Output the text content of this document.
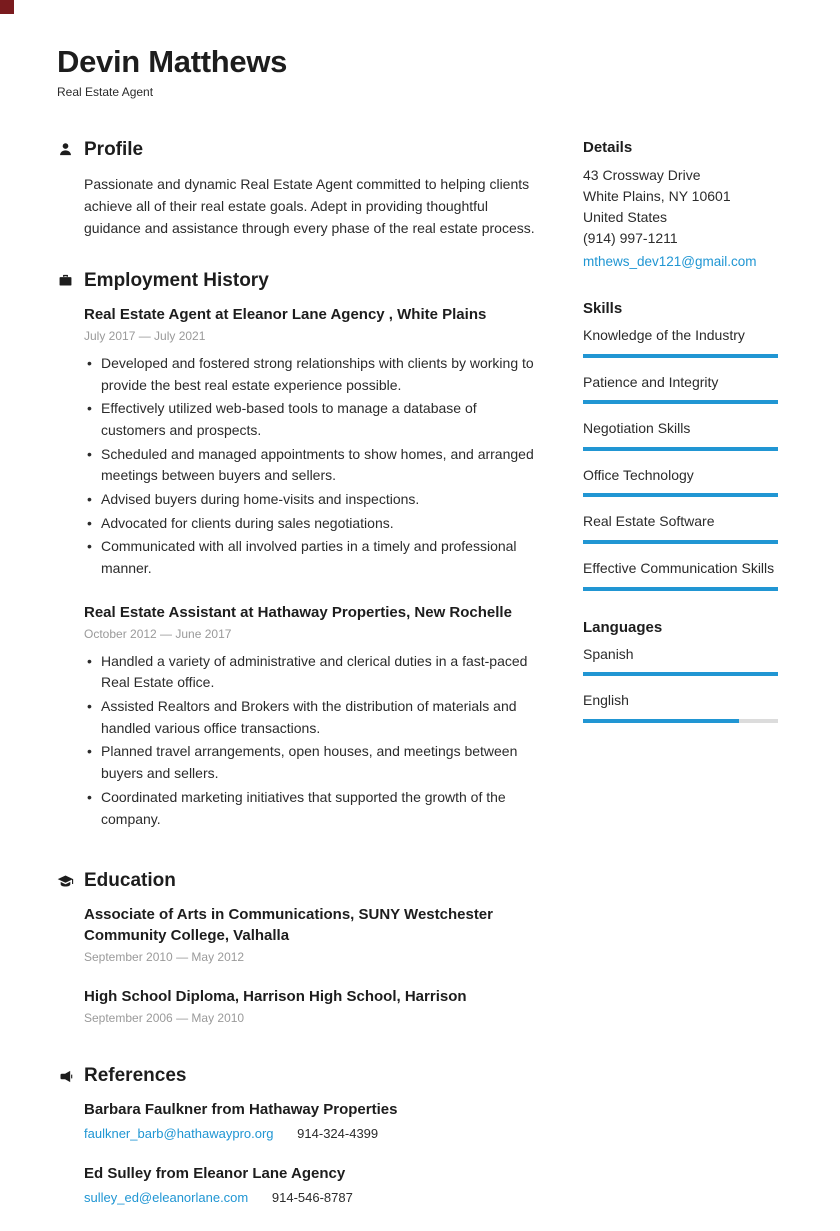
Devin Matthews
Real Estate Agent
Profile

Passionate and dynamic Real Estate Agent committed to helping clients achieve all of their real estate goals. Adept in providing thoughtful guidance and assistance through every phase of the real estate process.

Employment History
Real Estate Agent at Eleanor Lane Agency , White Plains
July 2017 — July 2021
• Developed and fostered strong relationships with clients by working to provide the best real estate experience possible.
• Effectively utilized web-based tools to manage a database of customers and prospects.
• Scheduled and managed appointments to show homes, and arranged meetings between buyers and sellers.
• Advised buyers during home-visits and inspections.
• Advocated for clients during sales negotiations.
• Communicated with all involved parties in a timely and professional manner.
Real Estate Assistant at Hathaway Properties, New Rochelle
October 2012 — June 2017
• Handled a variety of administrative and clerical duties in a fast-paced Real Estate office.
• Assisted Realtors and Brokers with the distribution of materials and handled various office transactions.
• Planned travel arrangements, open houses, and meetings between buyers and sellers.
• Coordinated marketing initiatives that supported the growth of the company.
Education
Associate of Arts in Communications, SUNY Westchester Community College, Valhalla
September 2010 — May 2012
High School Diploma, Harrison High School, Harrison
September 2006 — May 2010
References
Barbara Faulkner from Hathaway Properties
faulkner_barb@hathawaypro.org 914-324-4399
Ed Sulley from Eleanor Lane Agency
sulley_ed@eleanorlane.com 914-546-8787
Details
43 Crossway Drive
White Plains, NY 10601
United States
(914) 997-1211
mthews_dev121@gmail.com
Skills
Knowledge of the Industry
Patience and Integrity
Negotiation Skills
Office Technology
Real Estate Software
Effective Communication Skills
Languages
Spanish
English
